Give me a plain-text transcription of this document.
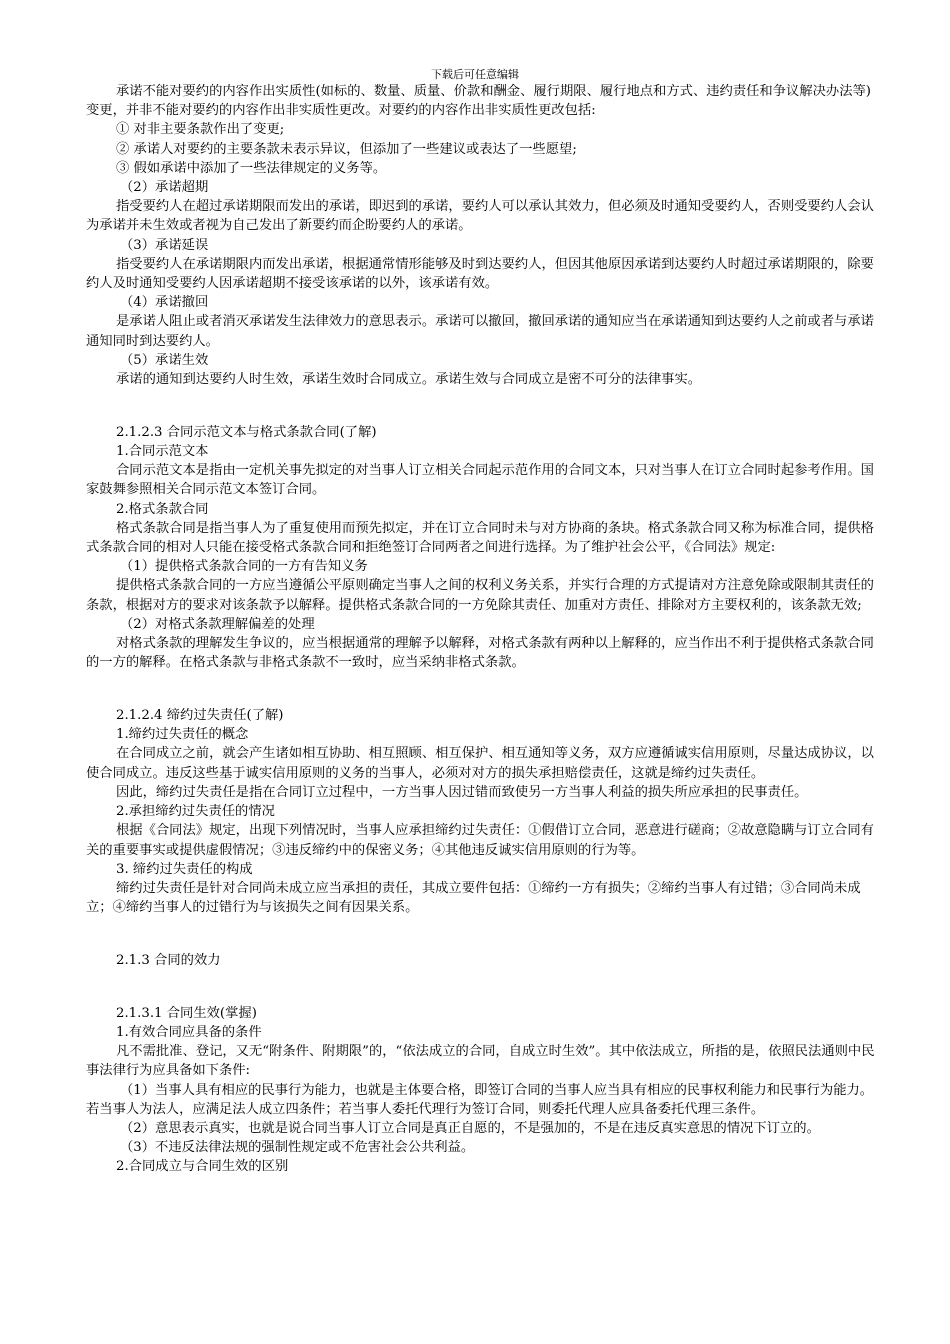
下载后可任意编辑

承诺不能对要约的内容作出实质性(如标的、数量、质量、价款和酬金、履行期限、履行地点和方式、违约责任和争议解决办法等)变更，并非不能对要约的内容作出非实质性更改。对要约的内容作出非实质性更改包括:

① 对非主要条款作出了变更;

② 承诺人对要约的主要条款未表示异议，但添加了一些建议或表达了一些愿望;

③ 假如承诺中添加了一些法律规定的义务等。

（2）承诺超期

指受要约人在超过承诺期限而发出的承诺，即迟到的承诺，要约人可以承认其效力，但必须及时通知受要约人，否则受要约人会认为承诺并未生效或者视为自己发出了新要约而企盼要约人的承诺。

（3）承诺延误

指受要约人在承诺期限内而发出承诺，根据通常情形能够及时到达要约人，但因其他原因承诺到达要约人时超过承诺期限的，除要约人及时通知受要约人因承诺超期不接受该承诺的以外，该承诺有效。

（4）承诺撤回

是承诺人阻止或者消灭承诺发生法律效力的意思表示。承诺可以撤回，撤回承诺的通知应当在承诺通知到达要约人之前或者与承诺通知同时到达要约人。

（5）承诺生效

承诺的通知到达要约人时生效，承诺生效时合同成立。承诺生效与合同成立是密不可分的法律事实。

2.1.2.3 合同示范文本与格式条款合同(了解)

1.合同示范文本

合同示范文本是指由一定机关事先拟定的对当事人订立相关合同起示范作用的合同文本，只对当事人在订立合同时起参考作用。国家鼓舞参照相关合同示范文本签订合同。

2.格式条款合同

格式条款合同是指当事人为了重复使用而预先拟定，并在订立合同时未与对方协商的条块。格式条款合同又称为标准合同，提供格式条款合同的相对人只能在接受格式条款合同和拒绝签订合同两者之间进行选择。为了维护社会公平，《合同法》规定:

（1）提供格式条款合同的一方有告知义务

提供格式条款合同的一方应当遵循公平原则确定当事人之间的权利义务关系，并实行合理的方式提请对方注意免除或限制其责任的条款，根据对方的要求对该条款予以解释。提供格式条款合同的一方免除其责任、加重对方责任、排除对方主要权利的，该条款无效;

（2）对格式条款理解偏差的处理

对格式条款的理解发生争议的，应当根据通常的理解予以解释，对格式条款有两种以上解释的，应当作出不利于提供格式条款合同的一方的解释。在格式条款与非格式条款不一致时，应当采纳非格式条款。

2.1.2.4 缔约过失责任(了解)

1.缔约过失责任的概念

在合同成立之前，就会产生诸如相互协助、相互照顾、相互保护、相互通知等义务，双方应遵循诚实信用原则，尽量达成协议，以使合同成立。违反这些基于诚实信用原则的义务的当事人，必须对对方的损失承担赔偿责任，这就是缔约过失责任。

因此，缔约过失责任是指在合同订立过程中，一方当事人因过错而致使另一方当事人利益的损失所应承担的民事责任。

2.承担缔约过失责任的情况

根据《合同法》规定，出现下列情况时，当事人应承担缔约过失责任：①假借订立合同，恶意进行磋商；②故意隐瞒与订立合同有关的重要事实或提供虚假情况；③违反缔约中的保密义务；④其他违反诚实信用原则的行为等。

3. 缔约过失责任的构成

缔约过失责任是针对合同尚未成立应当承担的责任，其成立要件包括：①缔约一方有损失；②缔约当事人有过错；③合同尚未成立；④缔约当事人的过错行为与该损失之间有因果关系。

2.1.3 合同的效力

2.1.3.1 合同生效(掌握)

1.有效合同应具备的条件

凡不需批准、登记，又无“附条件、附期限”的，“依法成立的合同，自成立时生效”。其中依法成立，所指的是，依照民法通则中民事法律行为应具备如下条件:

（1）当事人具有相应的民事行为能力，也就是主体要合格，即签订合同的当事人应当具有相应的民事权利能力和民事行为能力。若当事人为法人，应满足法人成立四条件；若当事人委托代理行为签订合同，则委托代理人应具备委托代理三条件。

（2）意思表示真实，也就是说合同当事人订立合同是真正自愿的，不是强加的，不是在违反真实意思的情况下订立的。

（3）不违反法律法规的强制性规定或不危害社会公共利益。

2.合同成立与合同生效的区别
